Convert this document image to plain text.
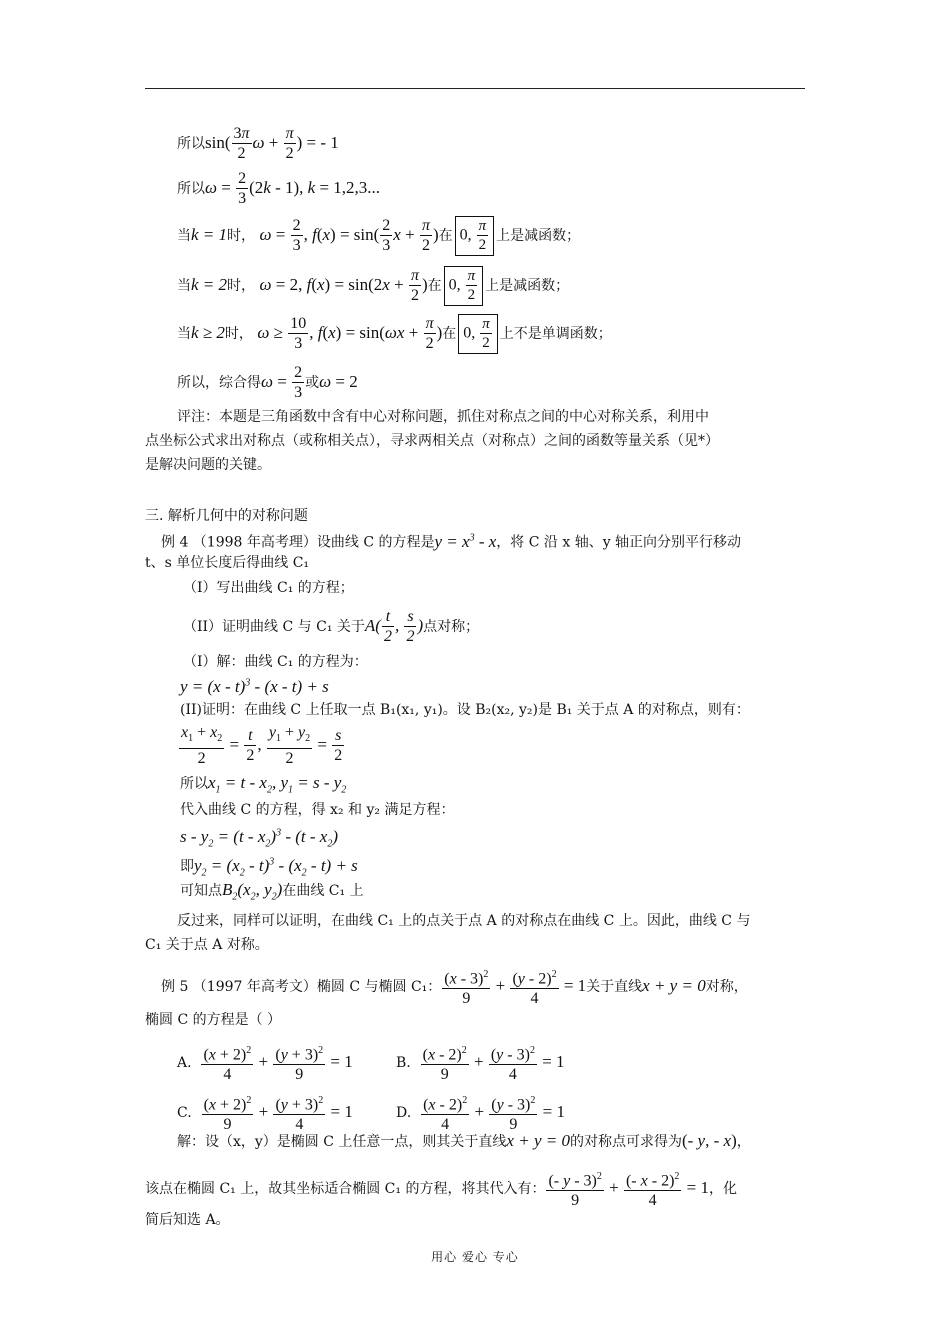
所以$\sin( \frac{3\pi}{2}$ $\omega + \frac{\pi}{2}$ ) = - 1
所以$\omega = \frac{2}{3} (2k - 1)$, k = 1,2,3...
当k = 1时， $\omega = \frac{2}{3}$ , $f(x) = \sin( \frac{2}{3}$ $x + \frac{\pi}{2}$ )在 0, $\frac{\pi}{2}$ 上是减函数；
当k = 2时， ω = 2, $f(x) = \sin(2x + \frac{\pi}{2}$ )在 0, $\frac{\pi}{2}$ 上是减函数；
当k ≥ 2时， $\omega \ge \frac{10}{3}$ , $f(x) = \sin(\omega x + \frac{\pi}{2}$ )在 0, $\frac{\pi}{2}$ 上不是单调函数；
所以，综合得$\omega = \frac{2}{3}$ 或ω = 2
评注：本题是三角函数中含有中心对称问题，抓住对称点之间的中心对称关系，利用中
点坐标公式求出对称点（或称相关点），寻求两相关点（对称点）之间的函数等量关系（见*）
是解决问题的关键。
三. 解析几何中的对称问题
例 4 （1998 年高考理）设曲线 C 的方程是$y = x^3 - x$，将 C 沿 x 轴、y 轴正向分别平行移动
t、s 单位长度后得曲线 C₁
（I）写出曲线 C₁ 的方程；
（II）证明曲线 C 与 C₁ 关于$A( \frac{t}{2}$ , $\frac{s}{2}$ )点对称；
（I）解：曲线 C₁ 的方程为：
y = (x - t)$^3$ - (x - t) + s
(II)证明：在曲线 C 上任取一点 B₁(x₁, y₁)。设 B₂(x₂, y₂)是 B₁ 关于点 A 的对称点，则有：
$\frac{x_1 + x_2}{2} = \frac{t}{2}$ , $\frac{y_1 + y_2}{2} = \frac{s}{2}$
所以$x_1 = t - x_2$, $y_1 = s - y_2$
代入曲线 C 的方程，得 x₂ 和 y₂ 满足方程：
$s - y_2 = (t - x_2)^3 - (t - x_2)$
即$y_2 = (x_2 - t)^3 - (x_2 - t) + s$
可知点$B_2(x_2$, $y_2$)在曲线 C₁ 上
反过来，同样可以证明，在曲线 C₁ 上的点关于点 A 的对称点在曲线 C 上。因此，曲线 C 与
C₁ 关于点 A 对称。
例 5 （1997 年高考文）椭圆 C 与椭圆 C₁： $\frac{(x - 3)^2}{9} + \frac{(y - 2)^2}{4} = 1$关于直线x + y = 0对称，
椭圆 C 的方程是（ ）
A. $\frac{(x + 2)^2}{4} + \frac{(y + 3)^2}{9} = 1$	B. $\frac{(x - 2)^2}{9} + \frac{(y - 3)^2}{4} = 1$
C. $\frac{(x + 2)^2}{9} + \frac{(y + 3)^2}{4} = 1$	D. $\frac{(x - 2)^2}{4} + \frac{(y - 3)^2}{9} = 1$
解：设（x，y）是椭圆 C 上任意一点，则其关于直线x + y = 0的对称点可求得为(- y, - x)，
该点在椭圆 C₁ 上，故其坐标适合椭圆 C₁ 的方程，将其代入有： $\frac{(- y - 3)^2}{9} + \frac{(- x - 2)^2}{4} = 1$，化
简后知选 A。
用心 爱心 专心
